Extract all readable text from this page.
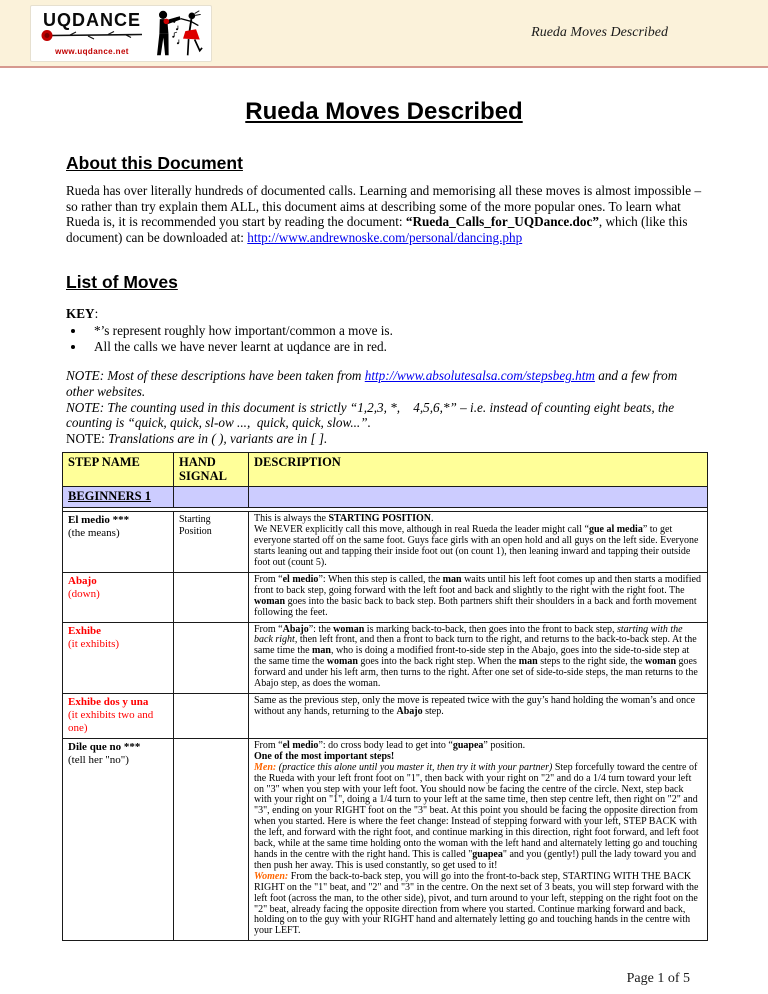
UQDANCE
www.uqdance.net
Rueda Moves Described
Rueda Moves Described
About this Document

Rueda has over literally hundreds of documented calls. Learning and memorising all these moves is almost impossible – so rather than try explain them ALL, this document aims at describing some of the more popular ones. To learn what Rueda is, it is recommended you start by reading the document: “Rueda_Calls_for_UQDance.doc”, which (like this document) can be downloaded at: http://www.andrewnoske.com/personal/dancing.php

List of Moves

KEY:

• *’s represent roughly how important/common a move is.
• All the calls we have never learnt at uqdance are in red.

NOTE: Most of these descriptions have been taken from http://www.absolutesalsa.com/stepsbeg.htm and a few from other websites.

NOTE: The counting used in this document is strictly “1,2,3, *,    4,5,6,*” – i.e. instead of counting eight beats, the counting is “quick, quick, sl-ow ...,  quick, quick, slow...”.

NOTE: Translations are in ( ), variants are in [ ].

STEP NAME	HAND SIGNAL	DESCRIPTION
BEGINNERS 1		

El medio ***
(the means)	Starting Position	This is always the STARTING POSITION.
We NEVER explicitly call this move, although in real Rueda the leader might call “gue al media” to get everyone started off on the same foot. Guys face girls with an open hold and all guys on the left side. Everyone starts leaning out and tapping their inside foot out (on count 1), then leaning inward and tapping their outside foot out (count 5).
Abajo
(down)		From “el medio”: When this step is called, the man waits until his left foot comes up and then starts a modified front to back step, going forward with the left foot and back and slightly to the right with the right foot. The woman goes into the basic back to back step. Both partners shift their shoulders in a back and forth movement following the feet.
Exhibe
(it exhibits)		From “Abajo”: the woman is marking back-to-back, then goes into the front to back step, starting with the back right, then left front, and then a front to back turn to the right, and returns to the back-to-back step. At the same time the man, who is doing a modified front-to-side step in the Abajo, goes into the side-to-side step at the same time the woman goes into the back right step. When the man steps to the right side, the woman goes forward and under his left arm, then turns to the right. After one set of side-to-side steps, the man returns to the Abajo step, as does the woman.
Exhibe dos y una
(it exhibits two and one)		Same as the previous step, only the move is repeated twice with the guy’s hand holding the woman’s and once without any hands, returning to the Abajo step.
Dile que no ***
(tell her "no")		From “el medio”: do cross body lead to get into “guapea” position.
One of the most important steps!
Men: (practice this alone until you master it, then try it with your partner) Step forcefully toward the centre of the Rueda with your left front foot on "1", then back with your right on "2" and do a 1/4 turn toward your left on "3" when you step with your left foot. You should now be facing the centre of the circle. Next, step back with your right on "1", doing a 1/4 turn to your left at the same time, then step centre left, then right on "2" and "3", ending on your RIGHT foot on the "3" beat. At this point you should be facing the opposite direction from when you started. Here is where the feet change: Instead of stepping forward with your left, STEP BACK with the left, and forward with the right foot, and continue marking in this direction, right foot forward, and left foot back, while at the same time holding onto the woman with the left hand and alternately letting go and touching hands in the centre with the right hand. This is called "guapea" and you (gently!) pull the lady toward you and then push her away. This is used constantly, so get used to it!
Women: From the back-to-back step, you will go into the front-to-back step, STARTING WITH THE BACK RIGHT on the "1" beat, and "2" and "3" in the centre. On the next set of 3 beats, you will step forward with the left foot (across the man, to the other side), pivot, and turn around to your left, stepping on the right foot on the "2" beat, already facing the opposite direction from where you started. Continue marking forward and back, holding on to the guy with your RIGHT hand and alternately letting go and touching hands in the centre with your LEFT.
Page 1 of 5
